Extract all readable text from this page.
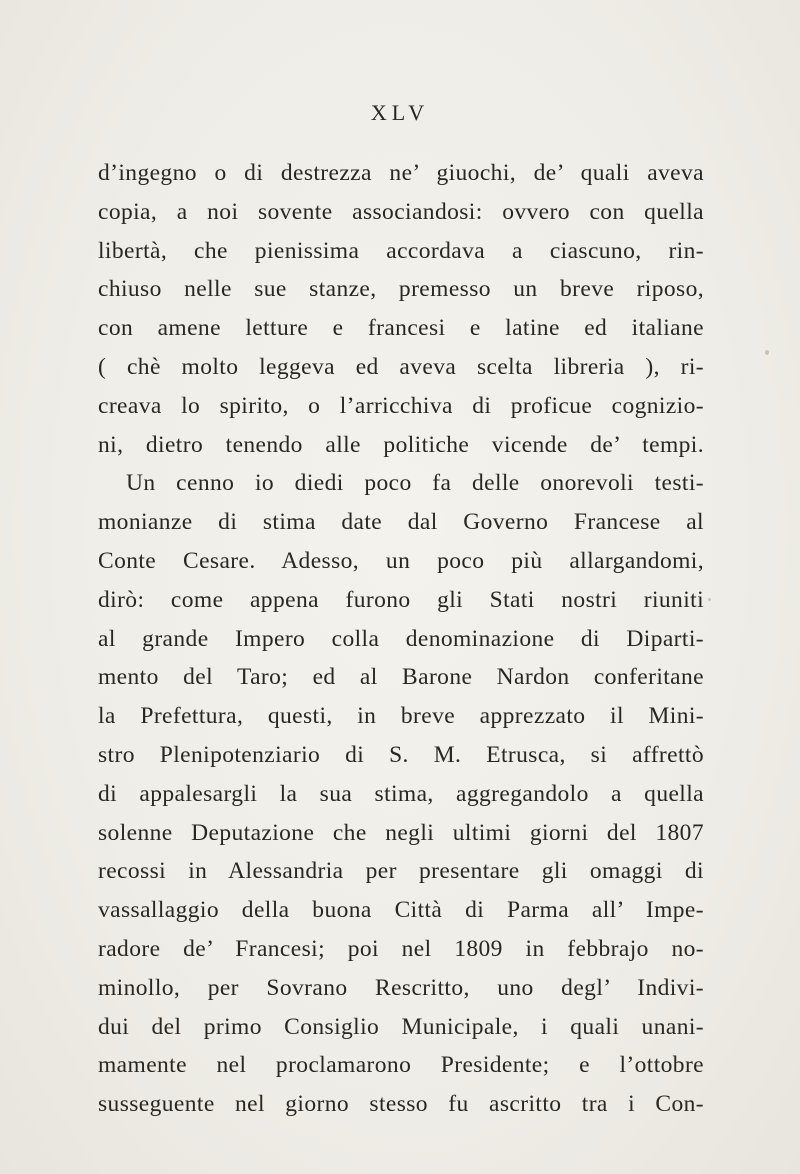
XLV
d’ingegno o di destrezza ne’ giuochi, de’ quali aveva
copia, a noi sovente associandosi: ovvero con quella
libertà, che pienissima accordava a ciascuno, rin-
chiuso nelle sue stanze, premesso un breve riposo,
con amene letture e francesi e latine ed italiane
( chè molto leggeva ed aveva scelta libreria ), ri-
creava lo spirito, o l’arricchiva di proficue cognizio-
ni, dietro tenendo alle politiche vicende de’ tempi.
Un cenno io diedi poco fa delle onorevoli testi-
monianze di stima date dal Governo Francese al
Conte Cesare. Adesso, un poco più allargandomi,
dirò: come appena furono gli Stati nostri riuniti
al grande Impero colla denominazione di Diparti-
mento del Taro; ed al Barone Nardon conferitane
la Prefettura, questi, in breve apprezzato il Mini-
stro Plenipotenziario di S. M. Etrusca, si affrettò
di appalesargli la sua stima, aggregandolo a quella
solenne Deputazione che negli ultimi giorni del 1807
recossi in Alessandria per presentare gli omaggi di
vassallaggio della buona Città di Parma all’ Impe-
radore de’ Francesi; poi nel 1809 in febbrajo no-
minollo, per Sovrano Rescritto, uno degl’ Indivi-
dui del primo Consiglio Municipale, i quali unani-
mamente nel proclamarono Presidente; e l’ottobre
susseguente nel giorno stesso fu ascritto tra i Con-
